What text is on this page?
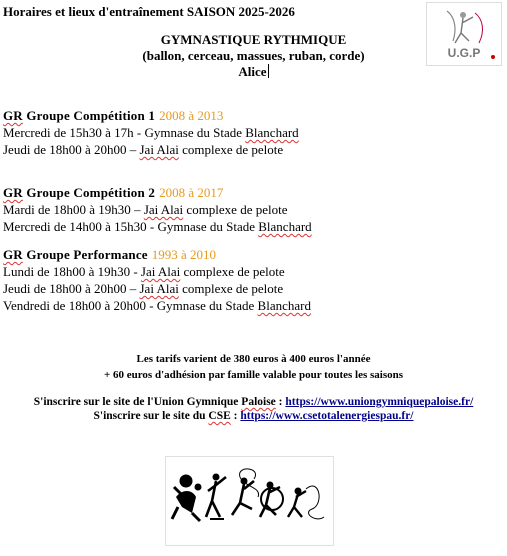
Horaires et lieux d'entraînement SAISON 2025-2026
U.G.P
GYMNASTIQUE RYTHMIQUE
(ballon, cerceau, massues, ruban, corde)
Alice
GR Groupe Compétition 1 2008 à 2013
Mercredi de 15h30 à 17h - Gymnase du Stade Blanchard
Jeudi de 18h00 à 20h00 – Jai Alai complexe de pelote
GR Groupe Compétition 2 2008 à 2017
Mardi de 18h00 à 19h30 – Jai Alai complexe de pelote
Mercredi de 14h00 à 15h30 - Gymnase du Stade Blanchard
GR Groupe Performance 1993 à 2010
Lundi de 18h00 à 19h30 - Jai Alai complexe de pelote
Jeudi de 18h00 à 20h00 – Jai Alai complexe de pelote
Vendredi de 18h00 à 20h00 - Gymnase du Stade Blanchard
Les tarifs varient de 380 euros à 400 euros l'année
+ 60 euros d'adhésion par famille valable pour toutes les saisons
S'inscrire sur le site de l'Union Gymnique Paloise : https://www.uniongymniquepaloise.fr/
S'inscrire sur le site du CSE : https://www.csetotalenergiespau.fr/
